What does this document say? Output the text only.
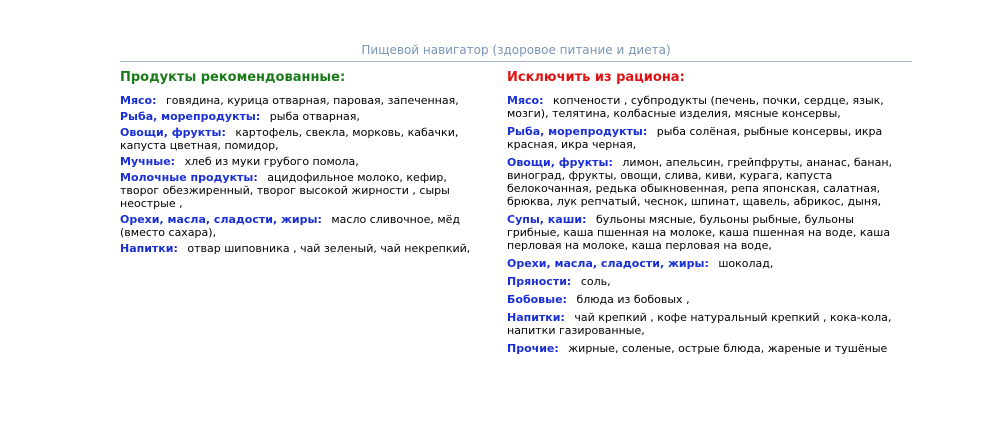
Пищевой навигатор (здоровое питание и диета)
Продукты рекомендованные:
Мясо: говядина, курица отварная, паровая, запеченная,
Рыба, морепродукты: рыба отварная,
Овощи, фрукты: картофель, свекла, морковь, кабачки, капуста цветная, помидор,
Мучные: хлеб из муки грубого помола,
Молочные продукты: ацидофильное молоко, кефир, творог обезжиренный, творог высокой жирности , сыры неострые ,
Орехи, масла, сладости, жиры: масло сливочное, мёд (вместо сахара),
Напитки: отвар шиповника , чай зеленый, чай некрепкий,
Исключить из рациона:
Мясо: копчености , субпродукты (печень, почки, сердце, язык, мозги), телятина, колбасные изделия, мясные консервы,
Рыба, морепродукты: рыба солёная, рыбные консервы, икра красная, икра черная,
Овощи, фрукты: лимон, апельсин, грейпфруты, ананас, банан, виноград, фрукты, овощи, слива, киви, курага, капуста белокочанная, редька обыкновенная, репа японская, салатная, брюква, лук репчатый, чеснок, шпинат, щавель, абрикос, дыня,
Супы, каши: бульоны мясные, бульоны рыбные, бульоны грибные, каша пшенная на молоке, каша пшенная на воде, каша перловая на молоке, каша перловая на воде,
Орехи, масла, сладости, жиры: шоколад,
Пряности: соль,
Бобовые: блюда из бобовых ,
Напитки: чай крепкий , кофе натуральный крепкий , кока-кола, напитки газированные,
Прочие: жирные, соленые, острые блюда, жареные и тушёные
